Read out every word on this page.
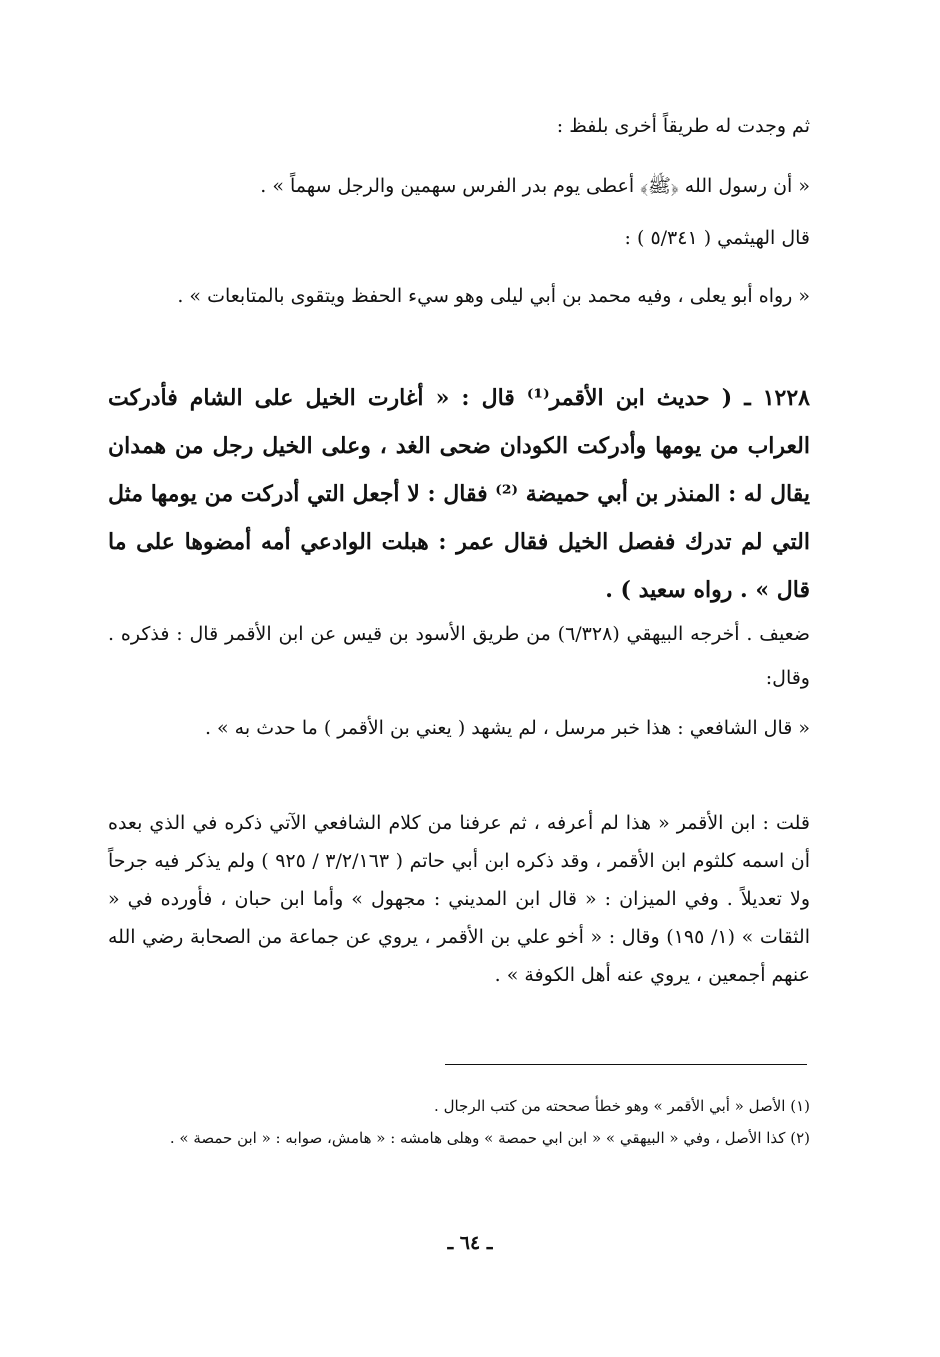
ثم وجدت له طريقاً أخرى بلفظ :
« أن رسول الله ﴿ﷺ﴾ أعطى يوم بدر الفرس سهمين والرجل سهماً » .
قال الهيثمي ( ٥/٣٤١ ) :
« رواه أبو يعلى ، وفيه محمد بن أبي ليلى وهو سيء الحفظ ويتقوى بالمتابعات » .
١٢٢٨ ـ ( حديث ابن الأقمر⁽¹⁾ قال : « أغارت الخيل على الشام فأدركت العراب من يومها وأدركت الكودان ضحى الغد ، وعلى الخيل رجل من همدان يقال له : المنذر بن أبي حميضة ⁽²⁾ فقال : لا أجعل التي أدركت من يومها مثل التي لم تدرك ففصل الخيل فقال عمر : هبلت الوادعي أمه أمضوها على ما قال » . رواه سعيد ) .
ضعيف . أخرجه البيهقي (٦/٣٢٨) من طريق الأسود بن قيس عن ابن الأقمر قال : فذكره . وقال:
« قال الشافعي : هذا خبر مرسل ، لم يشهد ( يعني بن الأقمر ) ما حدث به » .
قلت : ابن الأقمر « هذا لم أعرفه ، ثم عرفنا من كلام الشافعي الآتي ذكره في الذي بعده أن اسمه كلثوم ابن الأقمر ، وقد ذكره ابن أبي حاتم ( ٣/٢/١٦٣ / ٩٢٥ ) ولم يذكر فيه جرحاً ولا تعديلاً . وفي الميزان : « قال ابن المديني : مجهول » وأما ابن حبان ، فأورده في « الثقات » (١/ ١٩٥) وقال : « أخو علي بن الأقمر ، يروي عن جماعة من الصحابة رضي الله عنهم أجمعين ، يروي عنه أهل الكوفة » .
(١) الأصل « أبي الأقمر » وهو خطأ صححته من كتب الرجال .
(٢) كذا الأصل ، وفي « البيهقي » « ابن ابي حمصة » وهلى هامشه : « هامش، صوابه : « ابن حمصة » .
ـ ٦٤ ـ
